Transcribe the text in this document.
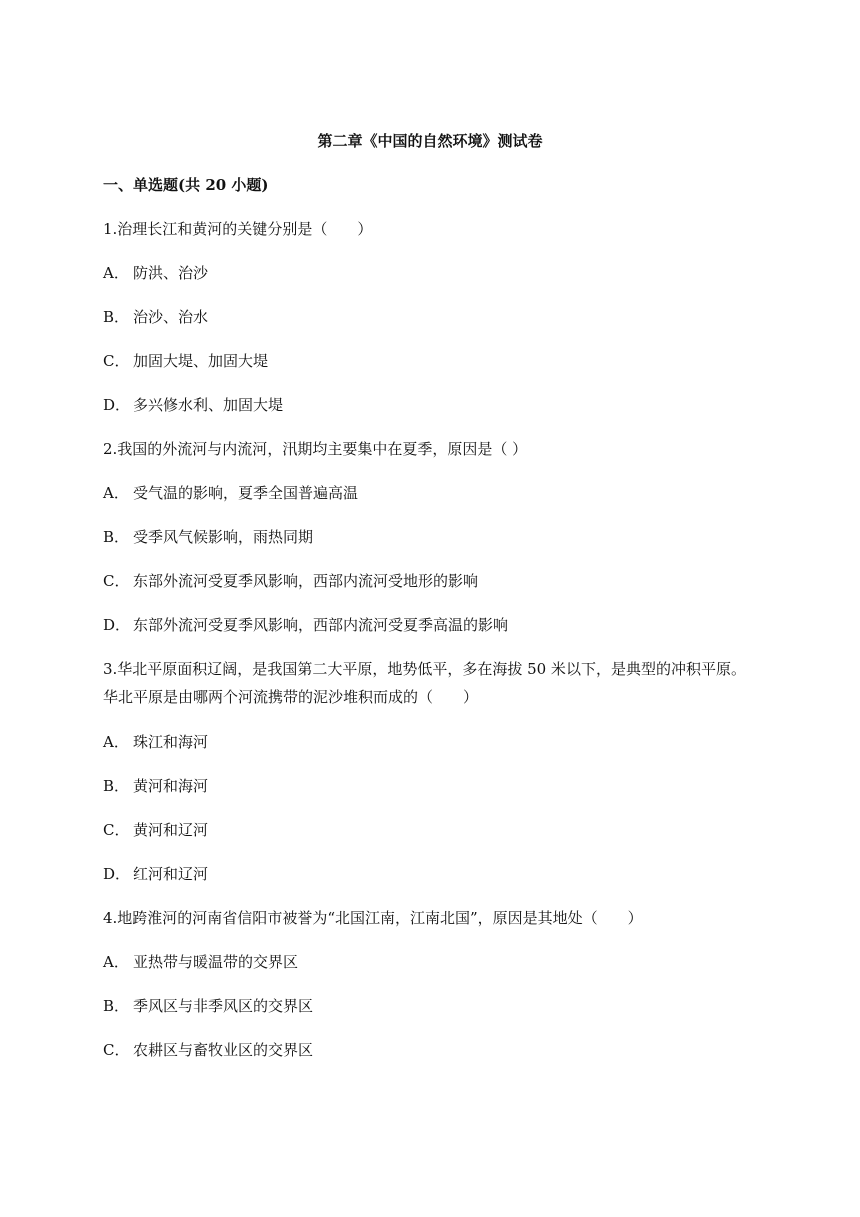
第二章《中国的自然环境》测试卷
一、单选题(共 20 小题)
1.治理长江和黄河的关键分别是（　　）
A． 防洪、治沙
B． 治沙、治水
C． 加固大堤、加固大堤
D． 多兴修水利、加固大堤
2.我国的外流河与内流河，汛期均主要集中在夏季，原因是（ ）
A． 受气温的影响，夏季全国普遍高温
B． 受季风气候影响，雨热同期
C． 东部外流河受夏季风影响，西部内流河受地形的影响
D． 东部外流河受夏季风影响，西部内流河受夏季高温的影响
3.华北平原面积辽阔，是我国第二大平原，地势低平，多在海拔 50 米以下，是典型的冲积平原。
华北平原是由哪两个河流携带的泥沙堆积而成的（　　）
A． 珠江和海河
B． 黄河和海河
C． 黄河和辽河
D． 红河和辽河
4.地跨淮河的河南省信阳市被誉为“北国江南，江南北国”，原因是其地处（　　）
A． 亚热带与暖温带的交界区
B． 季风区与非季风区的交界区
C． 农耕区与畜牧业区的交界区
